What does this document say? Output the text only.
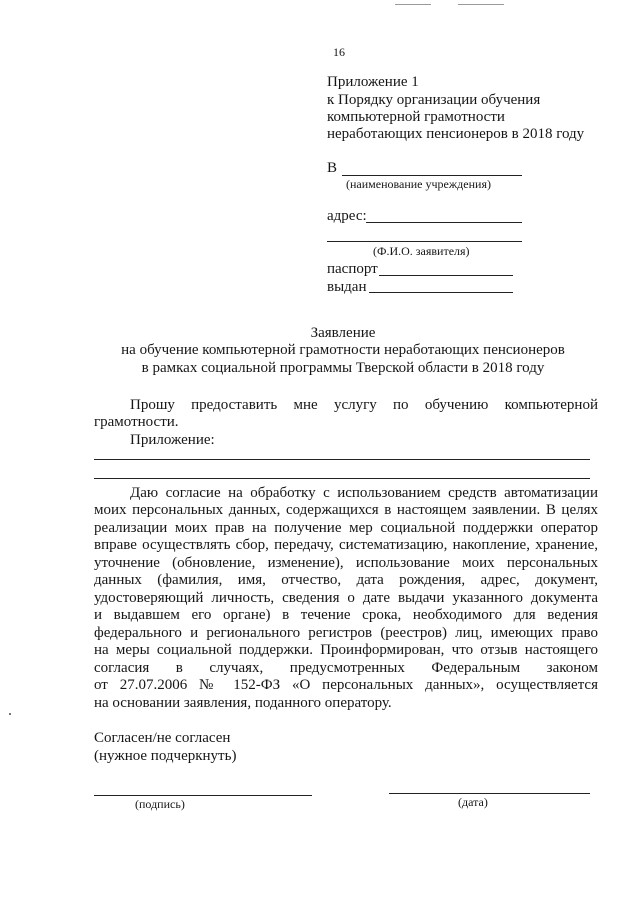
16
Приложение 1
к Порядку организации обучения
компьютерной грамотности
неработающих пенсионеров в 2018 году
В
(наименование учреждения)
адрес:
(Ф.И.О. заявителя)
паспорт
выдан
Заявление
на обучение компьютерной грамотности неработающих пенсионеров
в рамках социальной программы Тверской области в 2018 году
Прошу предоставить мне услугу по обучению компьютерной
грамотности.
Приложение:
Даю согласие на обработку с использованием средств автоматизации
моих персональных данных, содержащихся в настоящем заявлении. В целях
реализации моих прав на получение мер социальной поддержки оператор
вправе осуществлять сбор, передачу, систематизацию, накопление, хранение,
уточнение (обновление, изменение), использование моих персональных
данных (фамилия, имя, отчество, дата рождения, адрес, документ,
удостоверяющий личность, сведения о дате выдачи указанного документа
и выдавшем его органе) в течение срока, необходимого для ведения
федерального и регионального регистров (реестров) лиц, имеющих право
на меры социальной поддержки. Проинформирован, что отзыв настоящего
согласия в случаях, предусмотренных Федеральным законом
от 27.07.2006 № 152-ФЗ «О персональных данных», осуществляется
на основании заявления, поданного оператору.
Согласен/не согласен
(нужное подчеркнуть)
(подпись)	(дата)
